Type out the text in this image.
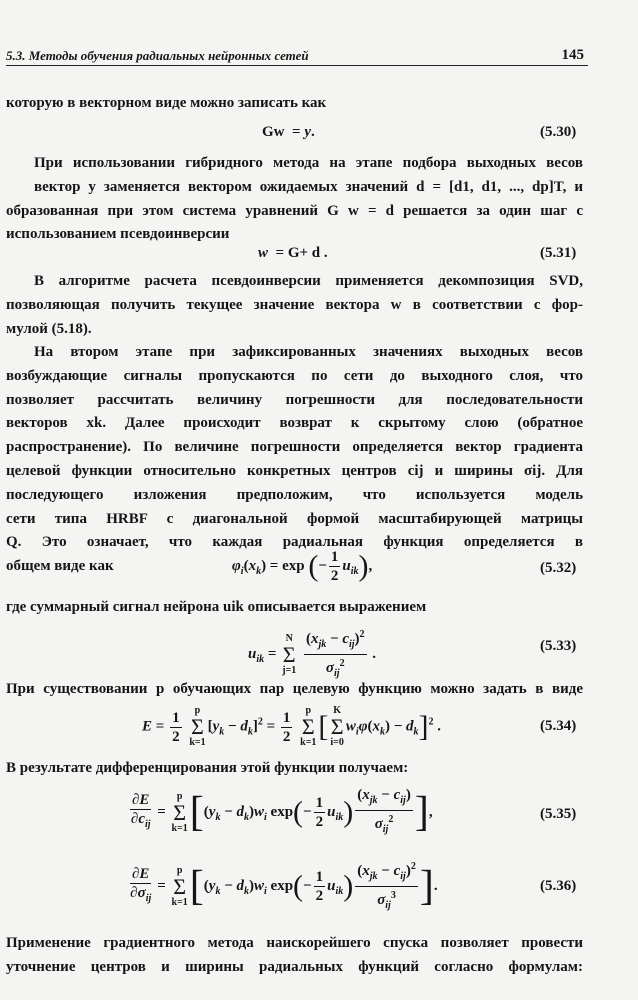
5.3. Методы обучения радиальных нейронных сетей	145
которую в векторном виде можно записать как
Gw  = y.	(5.30)
При использовании гибридного метода на этапе подбора выходных весов
вектор y заменяется вектором ожидаемых значений d = [d1, d1, ..., dp]T, и
образованная при этом система уравнений G w = d решается за один шаг с
использованием псевдоинверсии
w  = G+ d .	(5.31)
В алгоритме расчета псевдоинверсии применяется декомпозиция SVD,
позволяющая получить текущее значение вектора w в соответствии с фор-
мулой (5.18).
На втором этапе при зафиксированных значениях выходных весов
возбуждающие сигналы пропускаются по сети до выходного слоя, что
позволяет рассчитать величину погрешности для последовательности
векторов xk. Далее происходит возврат к скрытому слою (обратное
распространение). По величине погрешности определяется вектор градиента
целевой функции относительно конкретных центров cij и ширины σij. Для
последующего изложения предположим, что используется модель
сети типа HRBF с диагональной формой масштабирующей матрицы
Q. Это означает, что каждая радиальная функция определяется в
общем виде как	$\varphi_i(x_k) = \exp$ (− $\frac{1}{2} u_{ik}$),	(5.32)
где суммарный сигнал нейрона uik описывается выражением
$u_{ik} = N$
Σ
$j=1 \frac{(x_{jk} - c_{ij})^2}{\sigma_{ij}^2}$ .	(5.33)
При существовании p обучающих пар целевую функцию можно задать в виде
$E = \frac{1}{2}$ p
Σ
$k=1[y_k - d_k]^2 = \frac{1}{2}$ p
Σ
k=1[ K
Σ
$i=0w_i\varphi(x_k) - d_k]^2$ .	(5.34)
В результате дифференцирования этой функции получаем:
$\frac{\partial E}{\partial c_{ij}} = p$
Σ
$k=1[(y_k - d_k)w_i$ $\exp(- \frac{1}{2} u_{ik}) \frac{(x_{jk} - c_{ij})}{\sigma_{ij}^2}$ ],	(5.35)
$\frac{\partial E}{\partial\sigma_{ij}} = p$
Σ
$k=1[(y_k - d_k)w_i$ $\exp(- \frac{1}{2} u_{ik}) \frac{(x_{jk} - c_{ij})^2}{\sigma_{ij}^3}$ ].	(5.36)
Применение градиентного метода наискорейшего спуска позволяет провести
уточнение центров и ширины радиальных функций согласно формулам:
